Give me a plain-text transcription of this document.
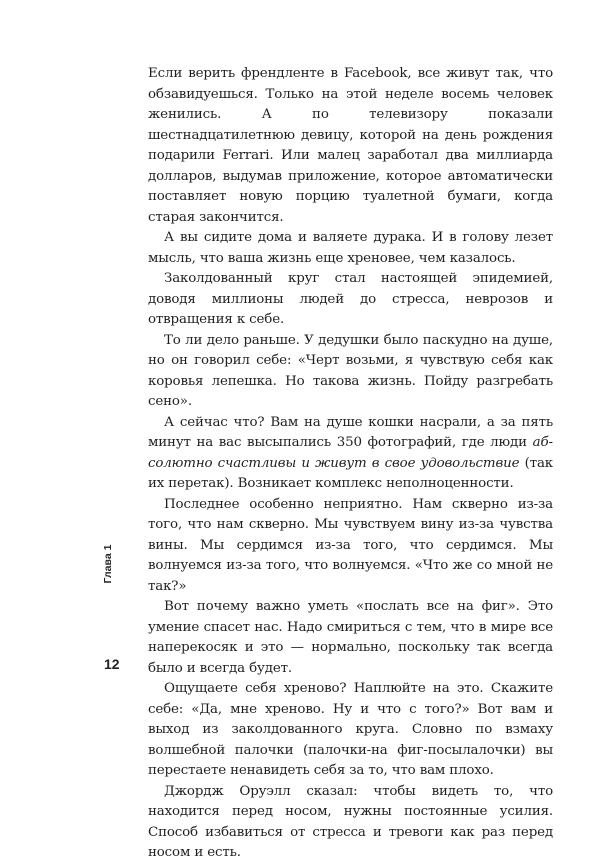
Если верить френдленте в Facebook, все живут так, что обзавидуешься. Только на этой неделе восемь человек женились. А по телевизору показали шестнадцатилетнюю девицу, которой на день рождения подарили Ferrari. Или малец заработал два миллиарда долларов, выдумав приложение, которое автоматически поставляет новую порцию туалетной бумаги, когда старая закончится.

А вы сидите дома и валяете дурака. И в голову лезет мысль, что ваша жизнь еще хреновее, чем казалось.

Заколдованный круг стал настоящей эпидемией, доводя миллионы людей до стресса, неврозов и отвращения к себе.

То ли дело раньше. У дедушки было паскудно на душе, но он говорил себе: «Черт возьми, я чувствую себя как коровья лепешка. Но такова жизнь. Пойду разгребать сено».

А сейчас что? Вам на душе кошки насрали, а за пять минут на вас высыпались 350 фотографий, где люди абсолютно счастливы и живут в свое удовольствие (так их перетак). Возникает комплекс неполноценности.

Последнее особенно неприятно. Нам скверно из-за того, что нам скверно. Мы чувствуем вину из-за чувства вины. Мы сердимся из-за того, что сердимся. Мы волнуемся из-за того, что волнуемся. «Что же со мной не так?»

Вот почему важно уметь «послать все на фиг». Это умение спасет нас. Надо смириться с тем, что в мире все наперекосяк и это — нормально, поскольку так всегда было и всегда будет.

Ощущаете себя хреново? Наплюйте на это. Скажите себе: «Да, мне хреново. Ну и что с того?» Вот вам и выход из заколдованного круга. Словно по взмаху волшебной палочки (палочки-на фиг-посылалочки) вы перестаете ненавидеть себя за то, что вам плохо.

Джордж Оруэлл сказал: чтобы видеть то, что находится перед носом, нужны постоянные усилия. Способ избавиться от стресса и тревоги как раз перед носом и есть.

Глава 1
12
